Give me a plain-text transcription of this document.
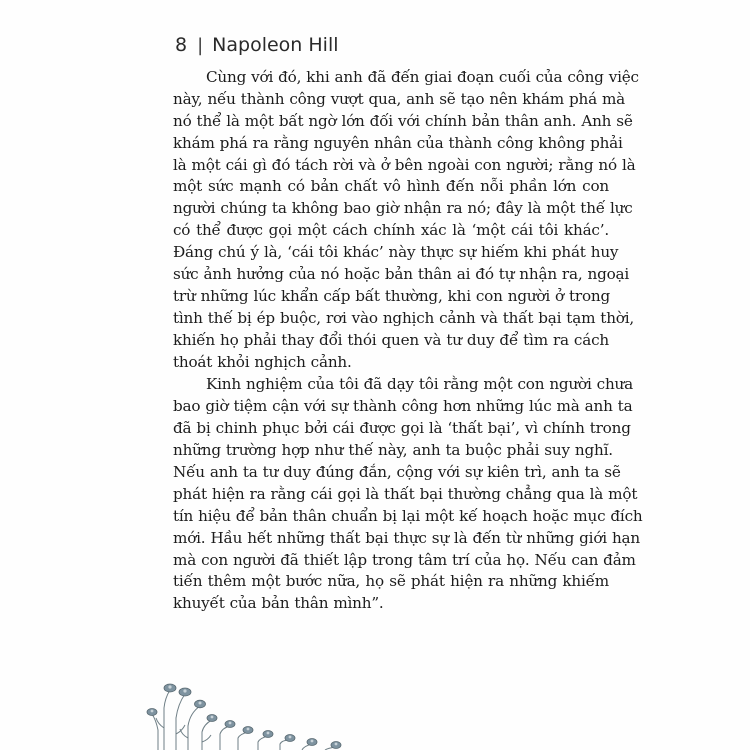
8 | Napoleon Hill

Cùng với đó, khi anh đã đến giai đoạn cuối của công việc
này, nếu thành công vượt qua, anh sẽ tạo nên khám phá mà
nó thể là một bất ngờ lớn đối với chính bản thân anh. Anh sẽ
khám phá ra rằng nguyên nhân của thành công không phải
là một cái gì đó tách rời và ở bên ngoài con người; rằng nó là
một sức mạnh có bản chất vô hình đến nỗi phần lớn con
người chúng ta không bao giờ nhận ra nó; đây là một thế lực
có thể được gọi một cách chính xác là ‘một cái tôi khác’.
Đáng chú ý là, ‘cái tôi khác’ này thực sự hiếm khi phát huy
sức ảnh hưởng của nó hoặc bản thân ai đó tự nhận ra, ngoại
trừ những lúc khẩn cấp bất thường, khi con người ở trong
tình thế bị ép buộc, rơi vào nghịch cảnh và thất bại tạm thời,
khiến họ phải thay đổi thói quen và tư duy để tìm ra cách
thoát khỏi nghịch cảnh.

Kinh nghiệm của tôi đã dạy tôi rằng một con người chưa
bao giờ tiệm cận với sự thành công hơn những lúc mà anh ta
đã bị chinh phục bởi cái được gọi là ‘thất bại’, vì chính trong
những trường hợp như thế này, anh ta buộc phải suy nghĩ.
Nếu anh ta tư duy đúng đắn, cộng với sự kiên trì, anh ta sẽ
phát hiện ra rằng cái gọi là thất bại thường chẳng qua là một
tín hiệu để bản thân chuẩn bị lại một kế hoạch hoặc mục đích
mới. Hầu hết những thất bại thực sự là đến từ những giới hạn
mà con người đã thiết lập trong tâm trí của họ. Nếu can đảm
tiến thêm một bước nữa, họ sẽ phát hiện ra những khiếm
khuyết của bản thân mình”.
